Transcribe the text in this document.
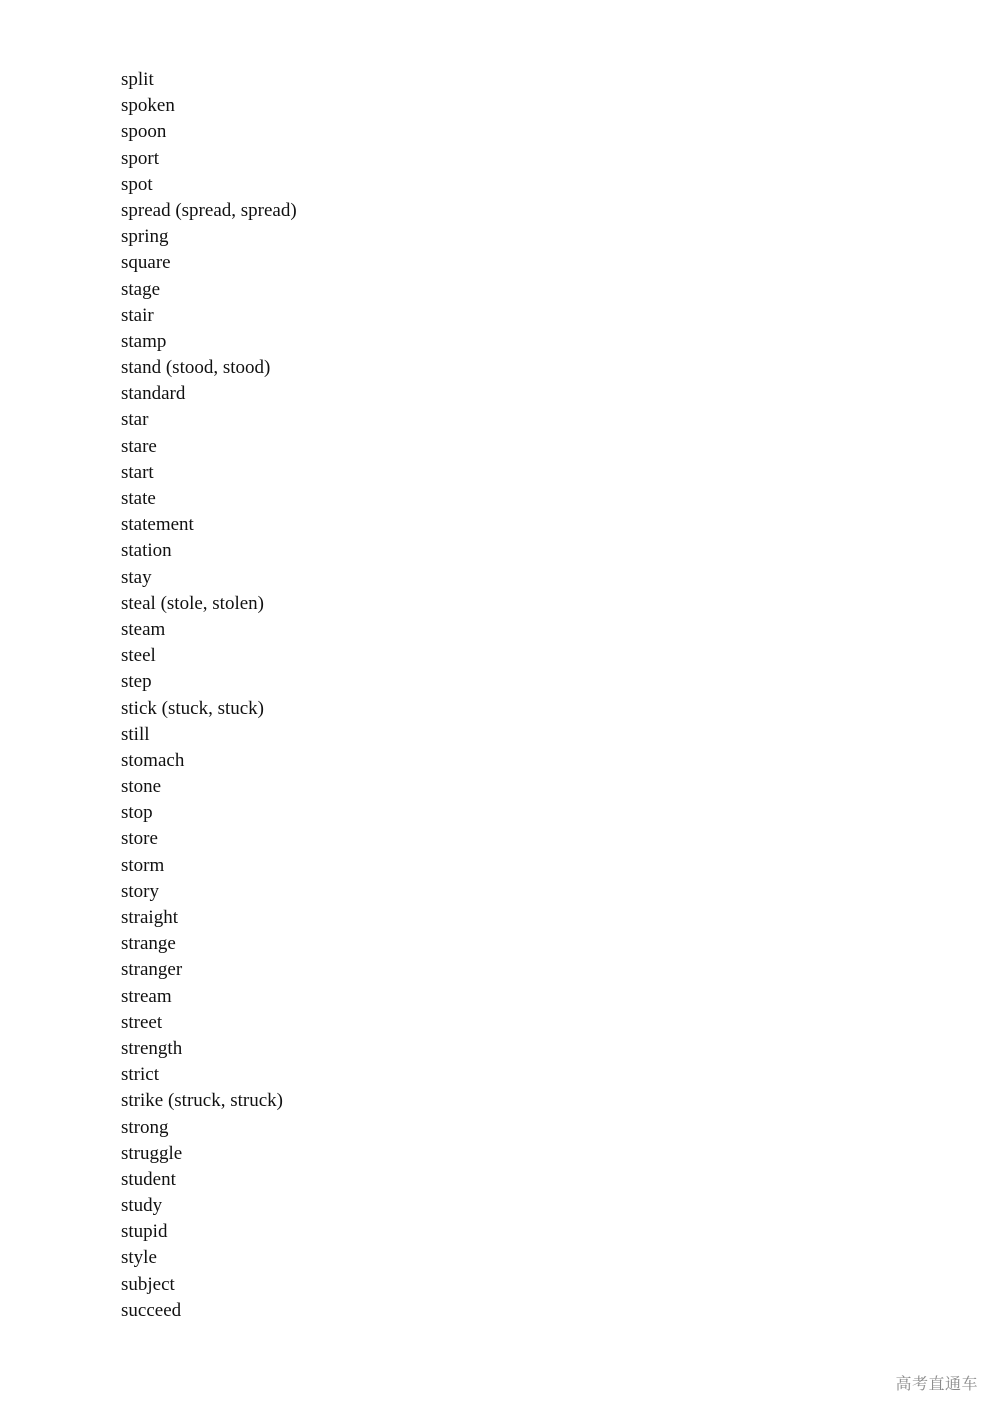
split
spoken
spoon
sport
spot
spread (spread, spread)
spring
square
stage
stair
stamp
stand (stood, stood)
standard
star
stare
start
state
statement
station
stay
steal (stole, stolen)
steam
steel
step
stick (stuck, stuck)
still
stomach
stone
stop
store
storm
story
straight
strange
stranger
stream
street
strength
strict
strike (struck, struck)
strong
struggle
student
study
stupid
style
subject
succeed
高考直通车
